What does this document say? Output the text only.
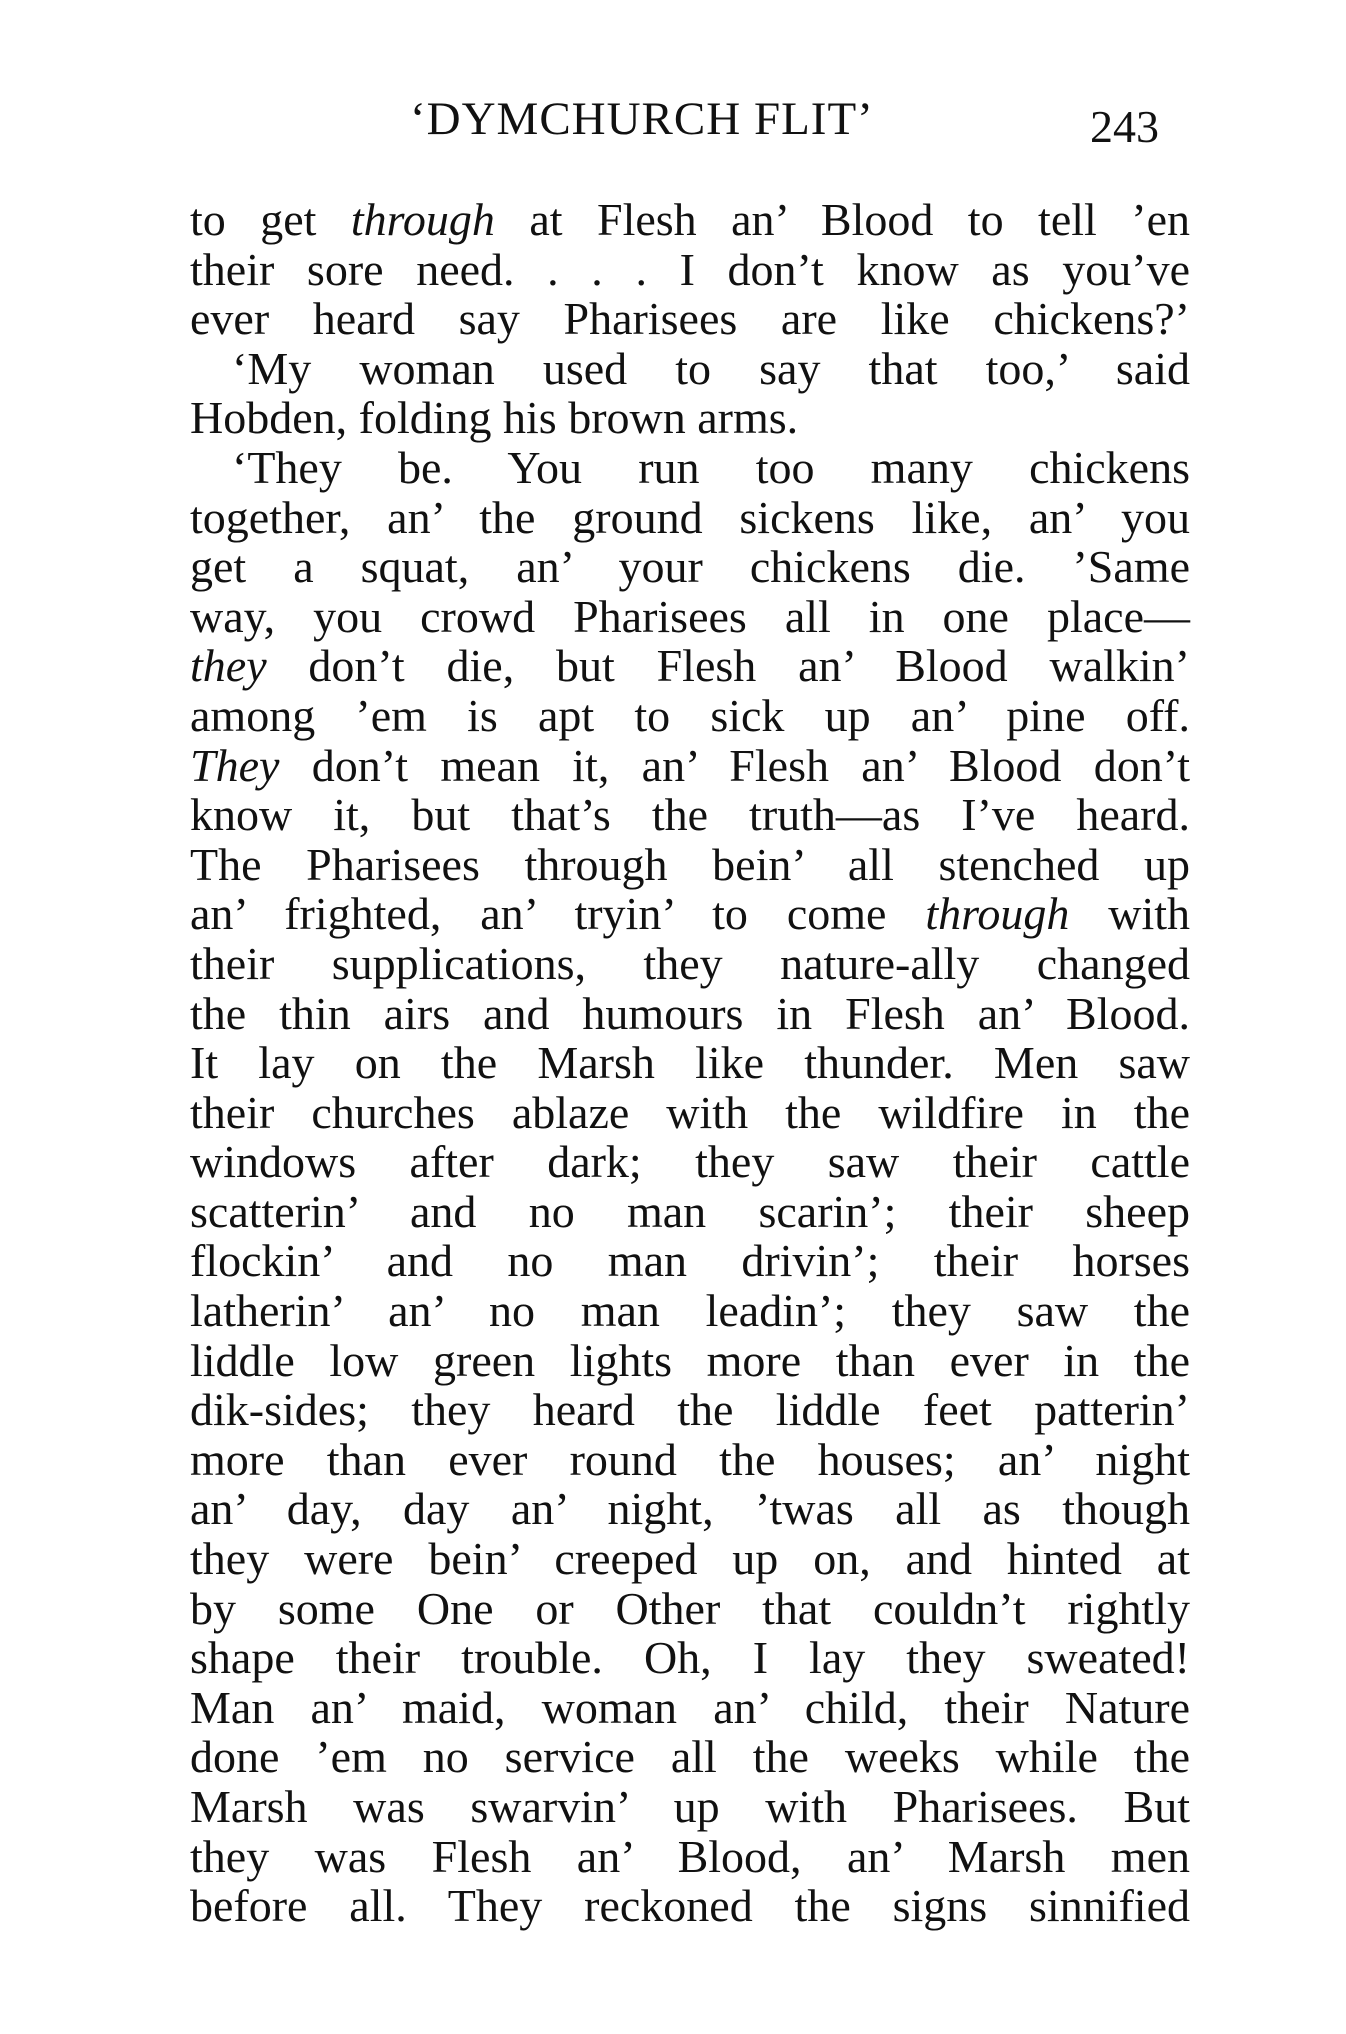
‘DYMCHURCH FLIT’	243
to get through at Flesh an’ Blood to tell ’en
their sore need. . . . I don’t know as you’ve
ever heard say Pharisees are like chickens?’
‘My woman used to say that too,’ said
Hobden, folding his brown arms.
‘They be. You run too many chickens
together, an’ the ground sickens like, an’ you
get a squat, an’ your chickens die. ’Same
way, you crowd Pharisees all in one place—
they don’t die, but Flesh an’ Blood walkin’
among ’em is apt to sick up an’ pine off.
They don’t mean it, an’ Flesh an’ Blood don’t
know it, but that’s the truth—as I’ve heard.
The Pharisees through bein’ all stenched up
an’ frighted, an’ tryin’ to come through with
their supplications, they nature-ally changed
the thin airs and humours in Flesh an’ Blood.
It lay on the Marsh like thunder. Men saw
their churches ablaze with the wildfire in the
windows after dark; they saw their cattle
scatterin’ and no man scarin’; their sheep
flockin’ and no man drivin’; their horses
latherin’ an’ no man leadin’; they saw the
liddle low green lights more than ever in the
dik-sides; they heard the liddle feet patterin’
more than ever round the houses; an’ night
an’ day, day an’ night, ’twas all as though
they were bein’ creeped up on, and hinted at
by some One or Other that couldn’t rightly
shape their trouble. Oh, I lay they sweated!
Man an’ maid, woman an’ child, their Nature
done ’em no service all the weeks while the
Marsh was swarvin’ up with Pharisees. But
they was Flesh an’ Blood, an’ Marsh men
before all. They reckoned the signs sinnified
